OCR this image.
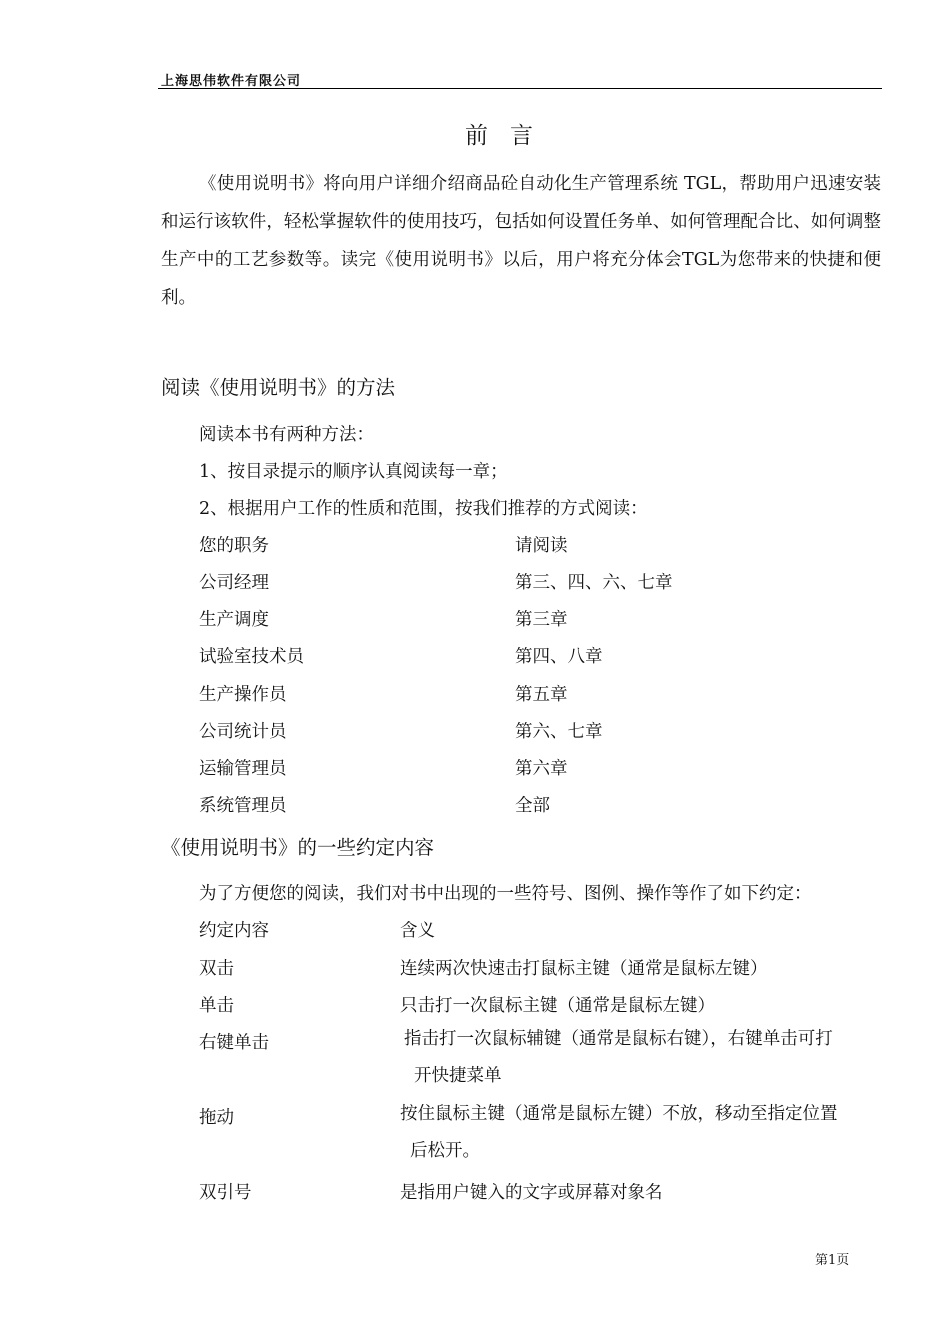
上海思伟软件有限公司
前言

《使用说明书》将向用户详细介绍商品砼自动化生产管理系统 TGL，帮助用户迅速安装和运行该软件，轻松掌握软件的使用技巧，包括如何设置任务单、如何管理配合比、如何调整生产中的工艺参数等。读完《使用说明书》以后，用户将充分体会TGL为您带来的快捷和便利。

阅读《使用说明书》的方法
阅读本书有两种方法：
1、按目录提示的顺序认真阅读每一章；
2、根据用户工作的性质和范围，按我们推荐的方式阅读：
您的职务	请阅读
公司经理	第三、四、六、七章
生产调度	第三章
试验室技术员	第四、八章
生产操作员	第五章
公司统计员	第六、七章
运输管理员	第六章
系统管理员	全部
《使用说明书》的一些约定内容
为了方便您的阅读，我们对书中出现的一些符号、图例、操作等作了如下约定：
约定内容	含义
双击	连续两次快速击打鼠标主键（通常是鼠标左键）
单击	只击打一次鼠标主键（通常是鼠标左键）
右键单击	指击打一次鼠标辅键（通常是鼠标右键），右键单击可打
开快捷菜单
拖动	按住鼠标主键（通常是鼠标左键）不放，移动至指定位置
后松开。
双引号	是指用户键入的文字或屏幕对象名
第1页
